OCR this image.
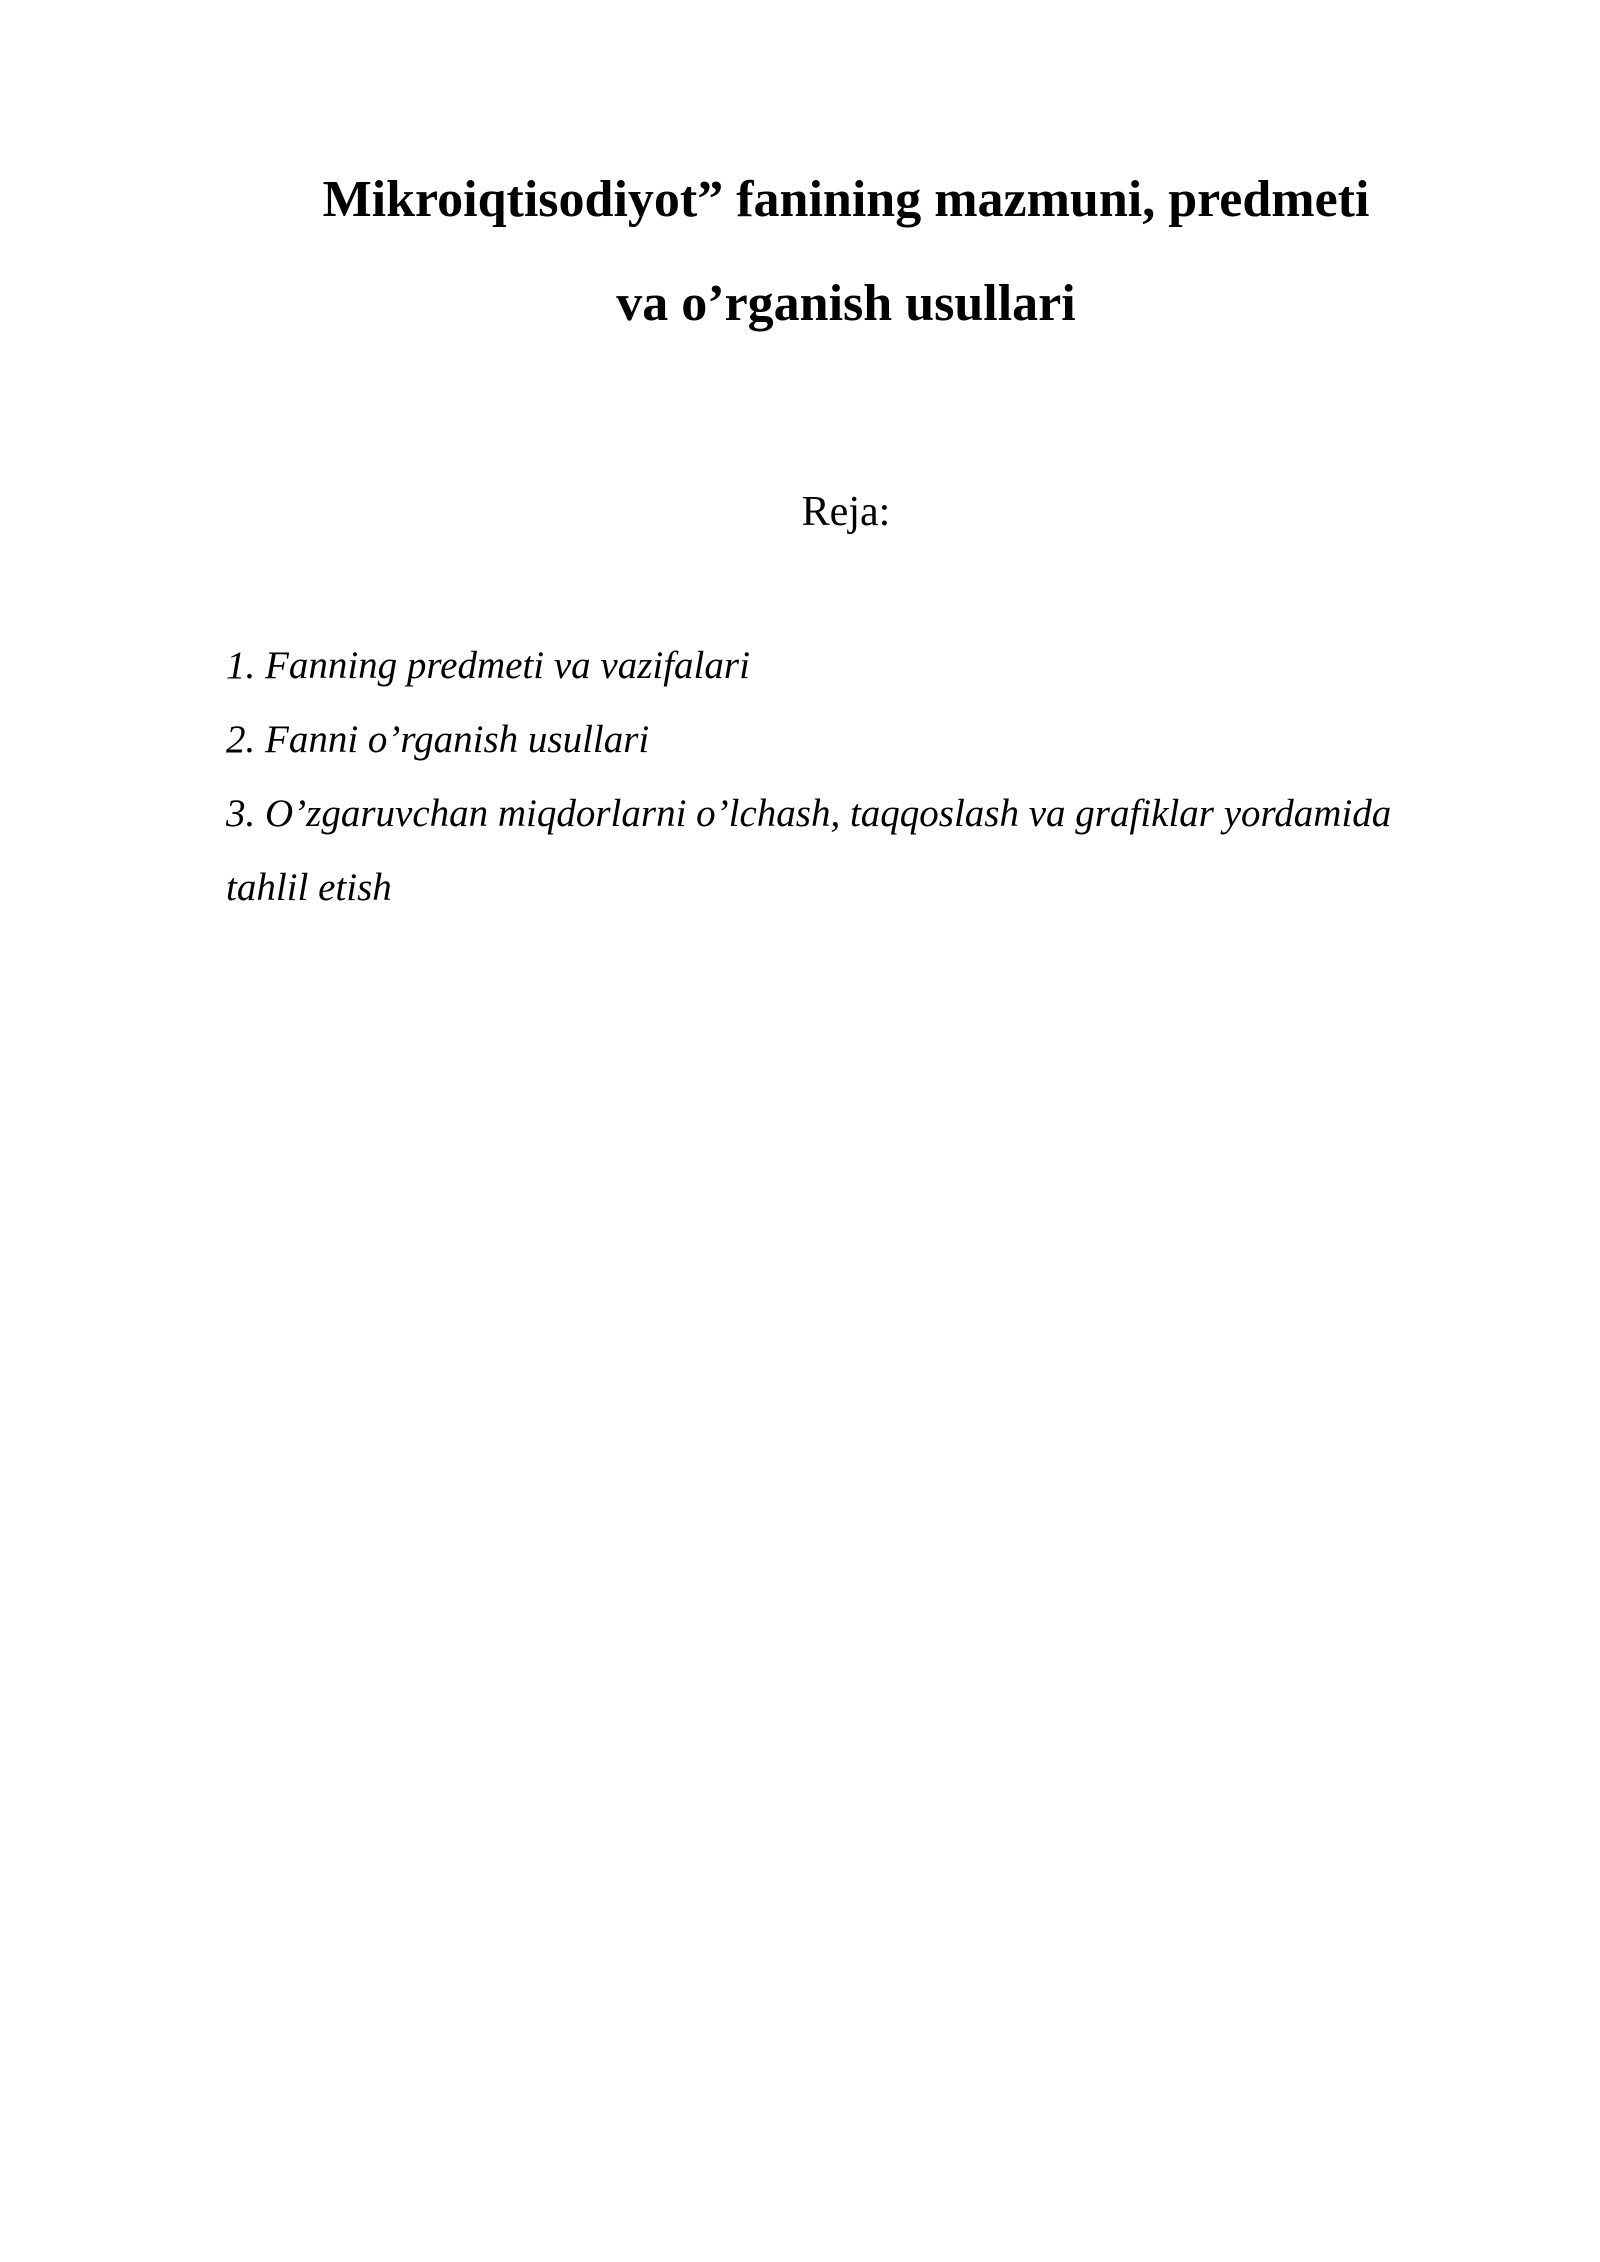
Mikroiqtisodiyot” fanining mazmuni, predmeti
va o’rganish usullari
Reja:
1. Fanning predmeti va vazifalari
2. Fanni o’rganish usullari
3. O’zgaruvchan miqdorlarni o’lchash, taqqoslash va grafiklar yordamida tahlil etish
